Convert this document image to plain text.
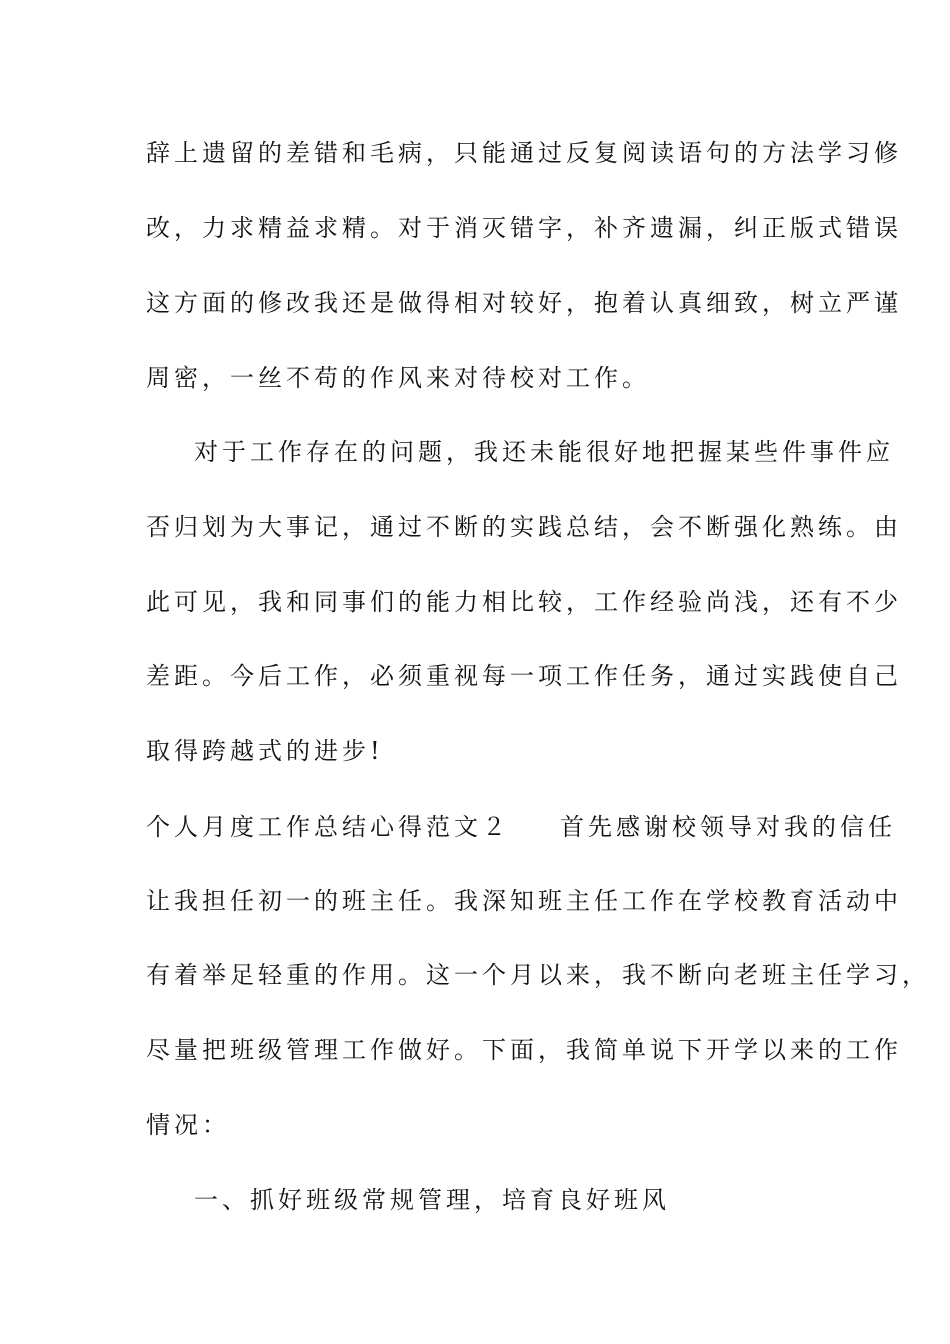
辞上遗留的差错和毛病，只能通过反复阅读语句的方法学习修
改，力求精益求精。对于消灭错字，补齐遗漏，纠正版式错误
这方面的修改我还是做得相对较好，抱着认真细致，树立严谨
周密，一丝不苟的作风来对待校对工作。
对于工作存在的问题，我还未能很好地把握某些件事件应
否归划为大事记，通过不断的实践总结，会不断强化熟练。由
此可见，我和同事们的能力相比较，工作经验尚浅，还有不少
差距。今后工作，必须重视每一项工作任务，通过实践使自己
取得跨越式的进步!
个人月度工作总结心得范文２ 首先感谢校领导对我的信任
让我担任初一的班主任。我深知班主任工作在学校教育活动中
有着举足轻重的作用。这一个月以来，我不断向老班主任学习，
尽量把班级管理工作做好。下面，我简单说下开学以来的工作
情况：
一、抓好班级常规管理，培育良好班风
